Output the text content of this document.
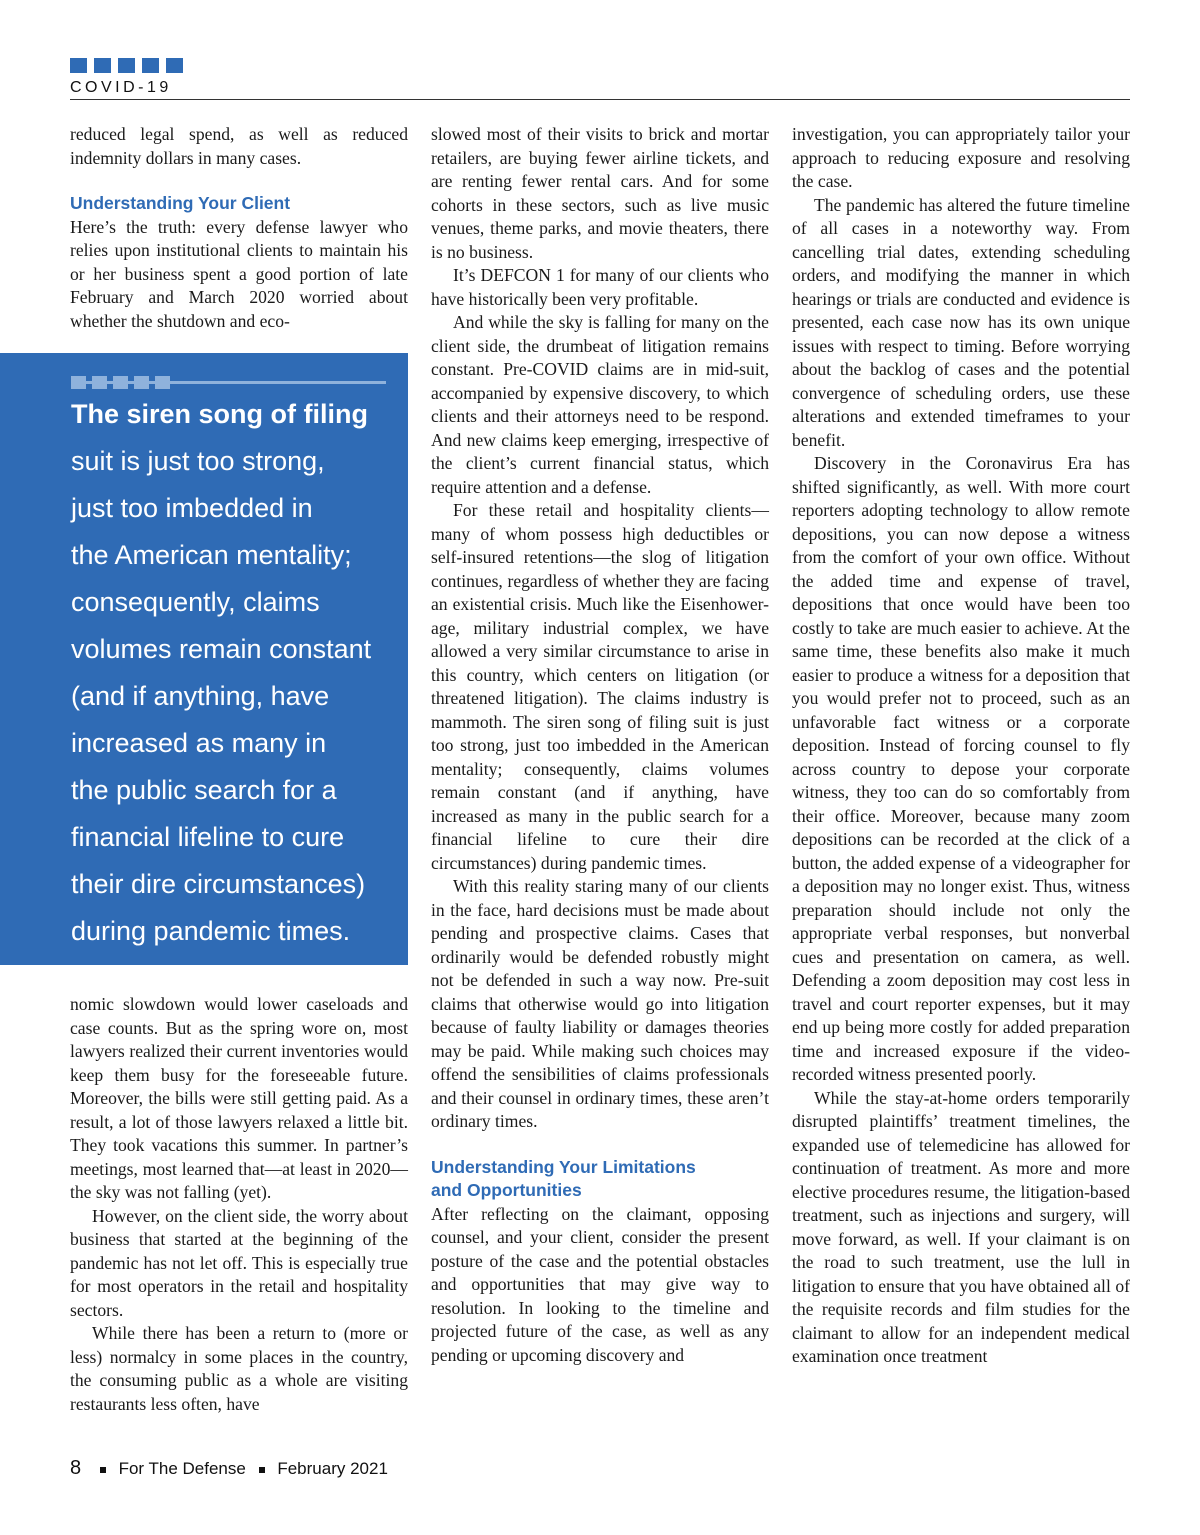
COVID-19

reduced legal spend, as well as reduced indemnity dollars in many cases.

Understanding Your Client

Here’s the truth: every defense lawyer who relies upon institutional clients to maintain his or her business spent a good portion of late February and March 2020 worried about whether the shutdown and eco-

The siren song of filing
suit is just too strong,
just too imbedded in
the American mentality;
consequently, claims
volumes remain constant
(and if anything, have
increased as many in
the public search for a
financial lifeline to cure
their dire circumstances)
during pandemic times.

nomic slowdown would lower caseloads and case counts. But as the spring wore on, most lawyers realized their current inventories would keep them busy for the foreseeable future. Moreover, the bills were still getting paid. As a result, a lot of those lawyers relaxed a little bit. They took vacations this summer. In partner’s meetings, most learned that—at least in 2020—the sky was not falling (yet).

However, on the client side, the worry about business that started at the beginning of the pandemic has not let off. This is especially true for most operators in the retail and hospitality sectors.

While there has been a return to (more or less) normalcy in some places in the country, the consuming public as a whole are visiting restaurants less often, have

slowed most of their visits to brick and mortar retailers, are buying fewer airline tickets, and are renting fewer rental cars. And for some cohorts in these sectors, such as live music venues, theme parks, and movie theaters, there is no business.

It’s DEFCON 1 for many of our clients who have historically been very profitable.

And while the sky is falling for many on the client side, the drumbeat of litigation remains constant. Pre-COVID claims are in mid-suit, accompanied by expensive discovery, to which clients and their attorneys need to be respond. And new claims keep emerging, irrespective of the client’s current financial status, which require attention and a defense.

For these retail and hospitality clients—many of whom possess high deductibles or self-insured retentions—the slog of litigation continues, regardless of whether they are facing an existential crisis. Much like the Eisenhower-age, military industrial complex, we have allowed a very similar circumstance to arise in this country, which centers on litigation (or threatened litigation). The claims industry is mammoth. The siren song of filing suit is just too strong, just too imbedded in the American mentality; consequently, claims volumes remain constant (and if anything, have increased as many in the public search for a financial lifeline to cure their dire circumstances) during pandemic times.

With this reality staring many of our clients in the face, hard decisions must be made about pending and prospective claims. Cases that ordinarily would be defended robustly might not be defended in such a way now. Pre-suit claims that otherwise would go into litigation because of faulty liability or damages theories may be paid. While making such choices may offend the sensibilities of claims professionals and their counsel in ordinary times, these aren’t ordinary times.

Understanding Your Limitations
and Opportunities

After reflecting on the claimant, opposing counsel, and your client, consider the present posture of the case and the potential obstacles and opportunities that may give way to resolution. In looking to the timeline and projected future of the case, as well as any pending or upcoming discovery and

investigation, you can appropriately tailor your approach to reducing exposure and resolving the case.

The pandemic has altered the future timeline of all cases in a noteworthy way. From cancelling trial dates, extending scheduling orders, and modifying the manner in which hearings or trials are conducted and evidence is presented, each case now has its own unique issues with respect to timing. Before worrying about the backlog of cases and the potential convergence of scheduling orders, use these alterations and extended timeframes to your benefit.

Discovery in the Coronavirus Era has shifted significantly, as well. With more court reporters adopting technology to allow remote depositions, you can now depose a witness from the comfort of your own office. Without the added time and expense of travel, depositions that once would have been too costly to take are much easier to achieve. At the same time, these benefits also make it much easier to produce a witness for a deposition that you would prefer not to proceed, such as an unfavorable fact witness or a corporate deposition. Instead of forcing counsel to fly across country to depose your corporate witness, they too can do so comfortably from their office. Moreover, because many zoom depositions can be recorded at the click of a button, the added expense of a videographer for a deposition may no longer exist. Thus, witness preparation should include not only the appropriate verbal responses, but nonverbal cues and presentation on camera, as well. Defending a zoom deposition may cost less in travel and court reporter expenses, but it may end up being more costly for added preparation time and increased exposure if the video-recorded witness presented poorly.

While the stay-at-home orders temporarily disrupted plaintiffs’ treatment timelines, the expanded use of telemedicine has allowed for continuation of treatment. As more and more elective procedures resume, the litigation-based treatment, such as injections and surgery, will move forward, as well. If your claimant is on the road to such treatment, use the lull in litigation to ensure that you have obtained all of the requisite records and film studies for the claimant to allow for an independent medical examination once treatment

8 For The Defense February 2021
